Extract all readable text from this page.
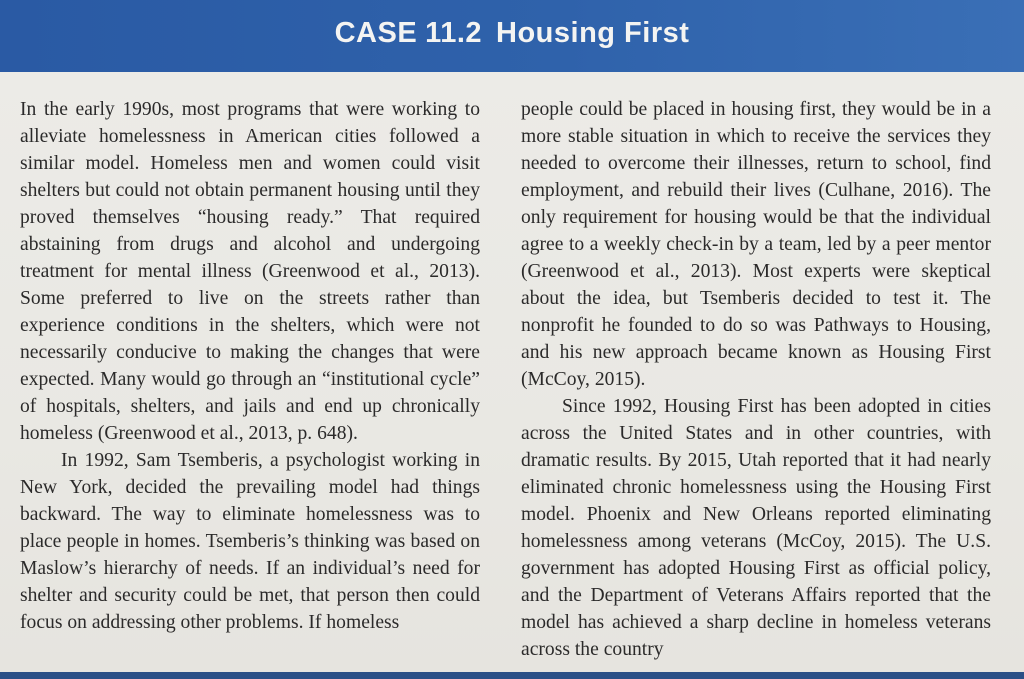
CASE 11.2 Housing First

In the early 1990s, most programs that were working to alleviate homelessness in American cities followed a similar model. Homeless men and women could visit shelters but could not obtain permanent housing until they proved themselves “housing ready.” That required abstaining from drugs and alcohol and undergoing treatment for mental illness (Greenwood et al., 2013). Some preferred to live on the streets rather than experience conditions in the shelters, which were not necessarily conducive to making the changes that were expected. Many would go through an “institutional cycle” of hospitals, shelters, and jails and end up chronically homeless (Greenwood et al., 2013, p. 648).

In 1992, Sam Tsemberis, a psychologist working in New York, decided the prevailing model had things backward. The way to eliminate homelessness was to place people in homes. Tsemberis’s thinking was based on Maslow’s hierarchy of needs. If an individual’s need for shelter and security could be met, that person then could focus on addressing other problems. If homeless

people could be placed in housing first, they would be in a more stable situation in which to receive the services they needed to overcome their illnesses, return to school, find employment, and rebuild their lives (Culhane, 2016). The only requirement for housing would be that the individual agree to a weekly check-in by a team, led by a peer mentor (Greenwood et al., 2013). Most experts were skeptical about the idea, but Tsemberis decided to test it. The nonprofit he founded to do so was Pathways to Housing, and his new approach became known as Housing First (McCoy, 2015).

Since 1992, Housing First has been adopted in cities across the United States and in other countries, with dramatic results. By 2015, Utah reported that it had nearly eliminated chronic homelessness using the Housing First model. Phoenix and New Orleans reported eliminating homelessness among veterans (McCoy, 2015). The U.S. government has adopted Housing First as official policy, and the Department of Veterans Affairs reported that the model has achieved a sharp decline in homeless veterans across the country
